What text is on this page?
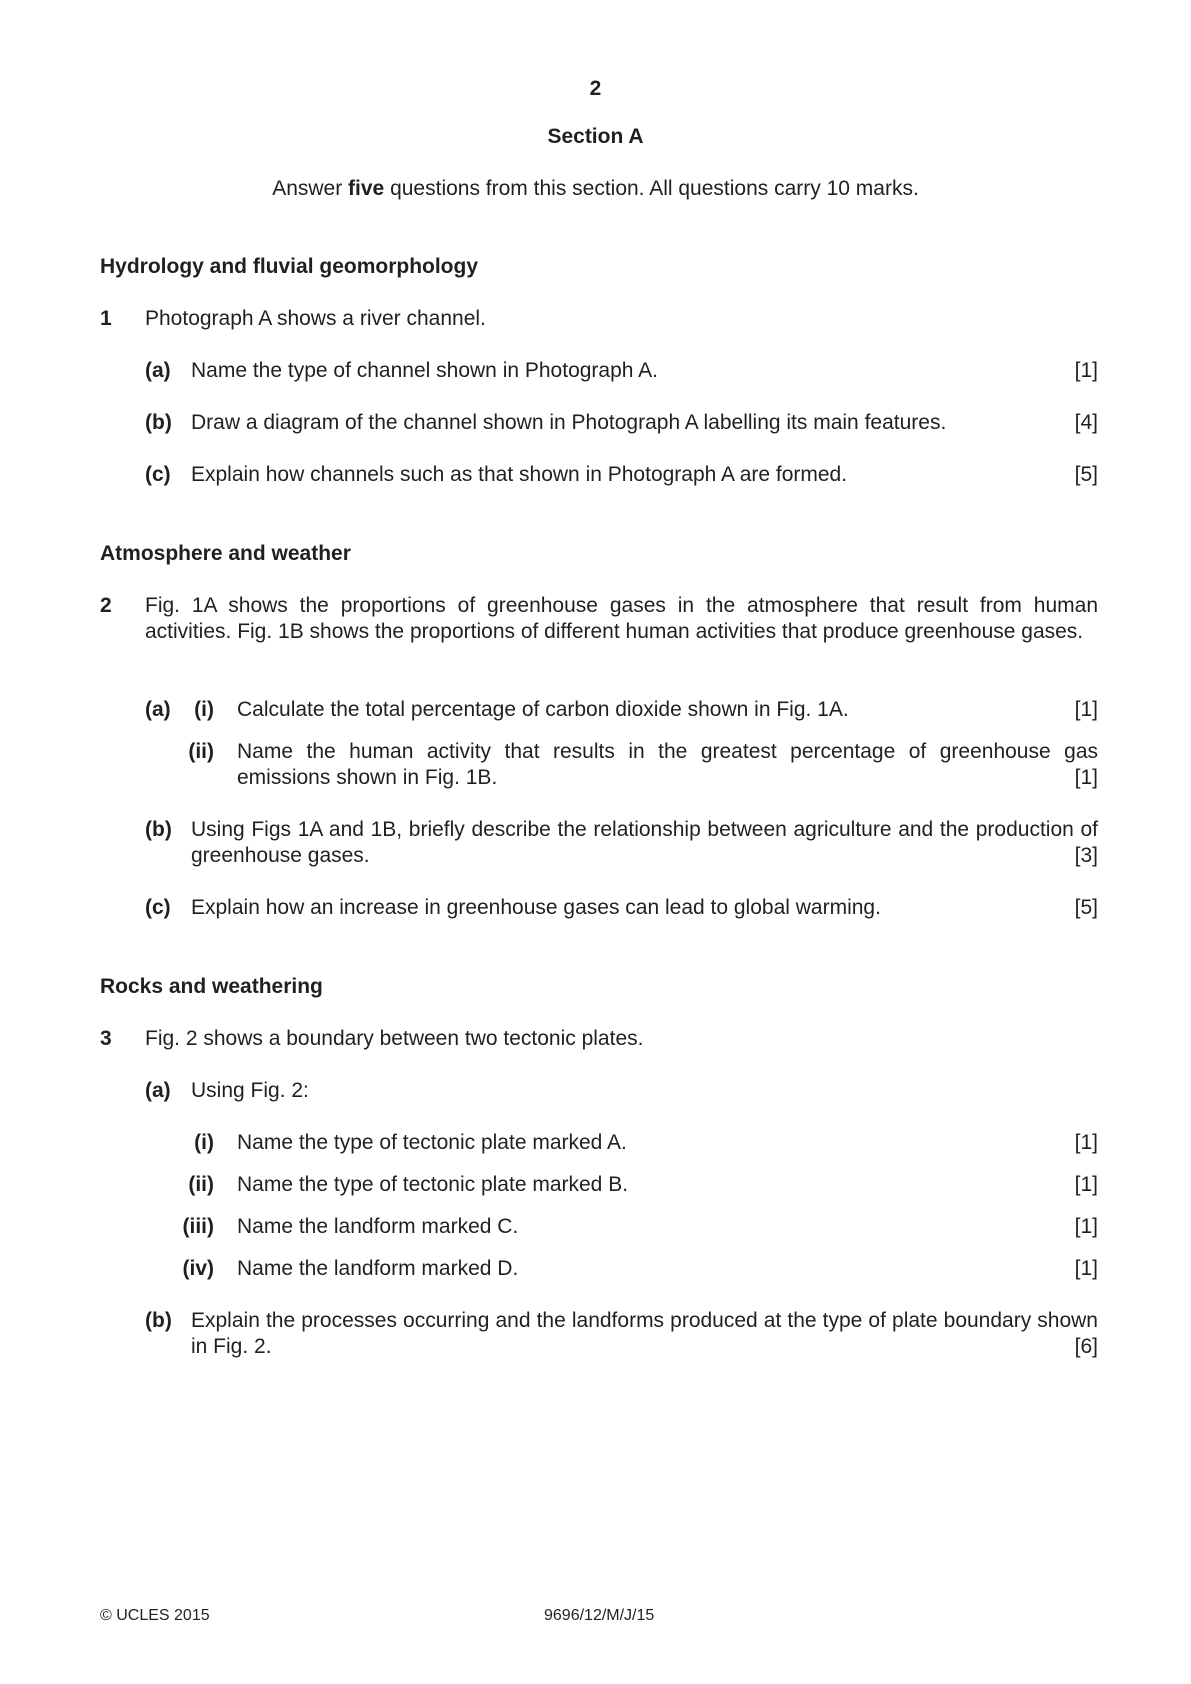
2
Section A
Answer five questions from this section. All questions carry 10 marks.
Hydrology and fluvial geomorphology
1 Photograph A shows a river channel.
(a) Name the type of channel shown in Photograph A.	[1]
(b) Draw a diagram of the channel shown in Photograph A labelling its main features.	[4]
(c) Explain how channels such as that shown in Photograph A are formed.	[5]
Atmosphere and weather
2 Fig. 1A shows the proportions of greenhouse gases in the atmosphere that result from human activities. Fig. 1B shows the proportions of different human activities that produce greenhouse gases.
(a)	(i) Calculate the total percentage of carbon dioxide shown in Fig. 1A.	[1]
(ii) Name the human activity that results in the greatest percentage of greenhouse gas emissions shown in Fig. 1B.	[1]
(b) Using Figs 1A and 1B, briefly describe the relationship between agriculture and the production of greenhouse gases.	[3]
(c) Explain how an increase in greenhouse gases can lead to global warming.	[5]
Rocks and weathering
3 Fig. 2 shows a boundary between two tectonic plates.
(a) Using Fig. 2:
(i) Name the type of tectonic plate marked A.	[1]
(ii) Name the type of tectonic plate marked B.	[1]
(iii) Name the landform marked C.	[1]
(iv) Name the landform marked D.	[1]
(b) Explain the processes occurring and the landforms produced at the type of plate boundary shown in Fig. 2.	[6]
© UCLES 2015	9696/12/M/J/15
